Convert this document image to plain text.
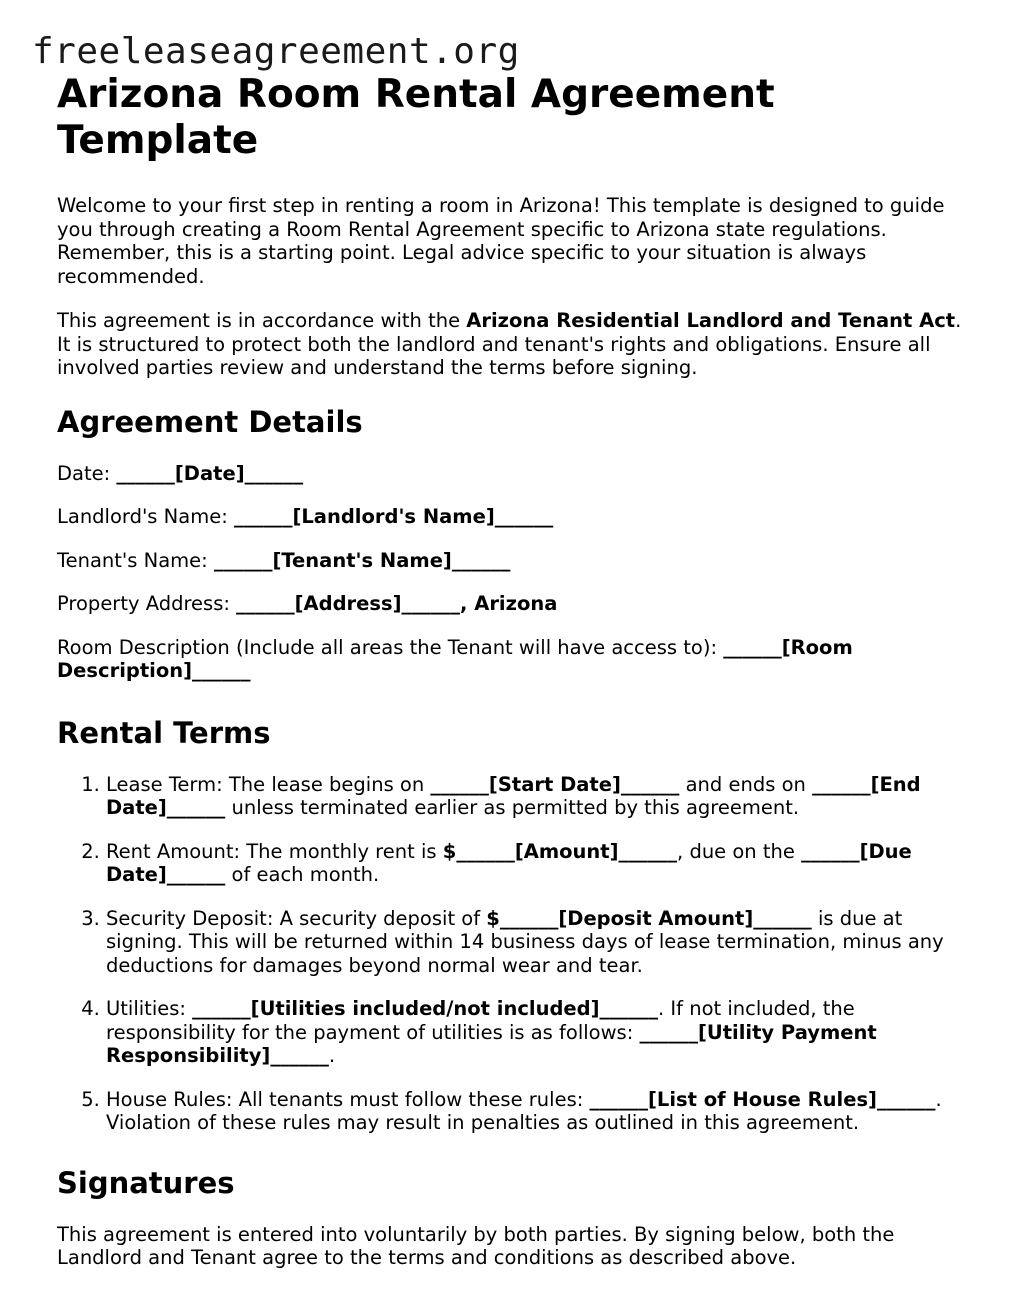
freeleaseagreement.org
Arizona Room Rental Agreement Template

Welcome to your first step in renting a room in Arizona! This template is designed to guide you through creating a Room Rental Agreement specific to Arizona state regulations. Remember, this is a starting point. Legal advice specific to your situation is always recommended.

This agreement is in accordance with the Arizona Residential Landlord and Tenant Act. It is structured to protect both the landlord and tenant's rights and obligations. Ensure all involved parties review and understand the terms before signing.

Agreement Details

Date: ______[Date]______

Landlord's Name: ______[Landlord's Name]______

Tenant's Name: ______[Tenant's Name]______

Property Address: ______[Address]______, Arizona

Room Description (Include all areas the Tenant will have access to): ______[Room Description]______

Rental Terms
1. Lease Term: The lease begins on ______[Start Date]______ and ends on ______[End Date]______ unless terminated earlier as permitted by this agreement.
2. Rent Amount: The monthly rent is $______[Amount]______, due on the ______[Due Date]______ of each month.
3. Security Deposit: A security deposit of $______[Deposit Amount]______ is due at signing. This will be returned within 14 business days of lease termination, minus any deductions for damages beyond normal wear and tear.
4. Utilities: ______[Utilities included/not included]______. If not included, the responsibility for the payment of utilities is as follows: ______[Utility Payment Responsibility]______.
5. House Rules: All tenants must follow these rules: ______[List of House Rules]______. Violation of these rules may result in penalties as outlined in this agreement.
Signatures

This agreement is entered into voluntarily by both parties. By signing below, both the Landlord and Tenant agree to the terms and conditions as described above.
